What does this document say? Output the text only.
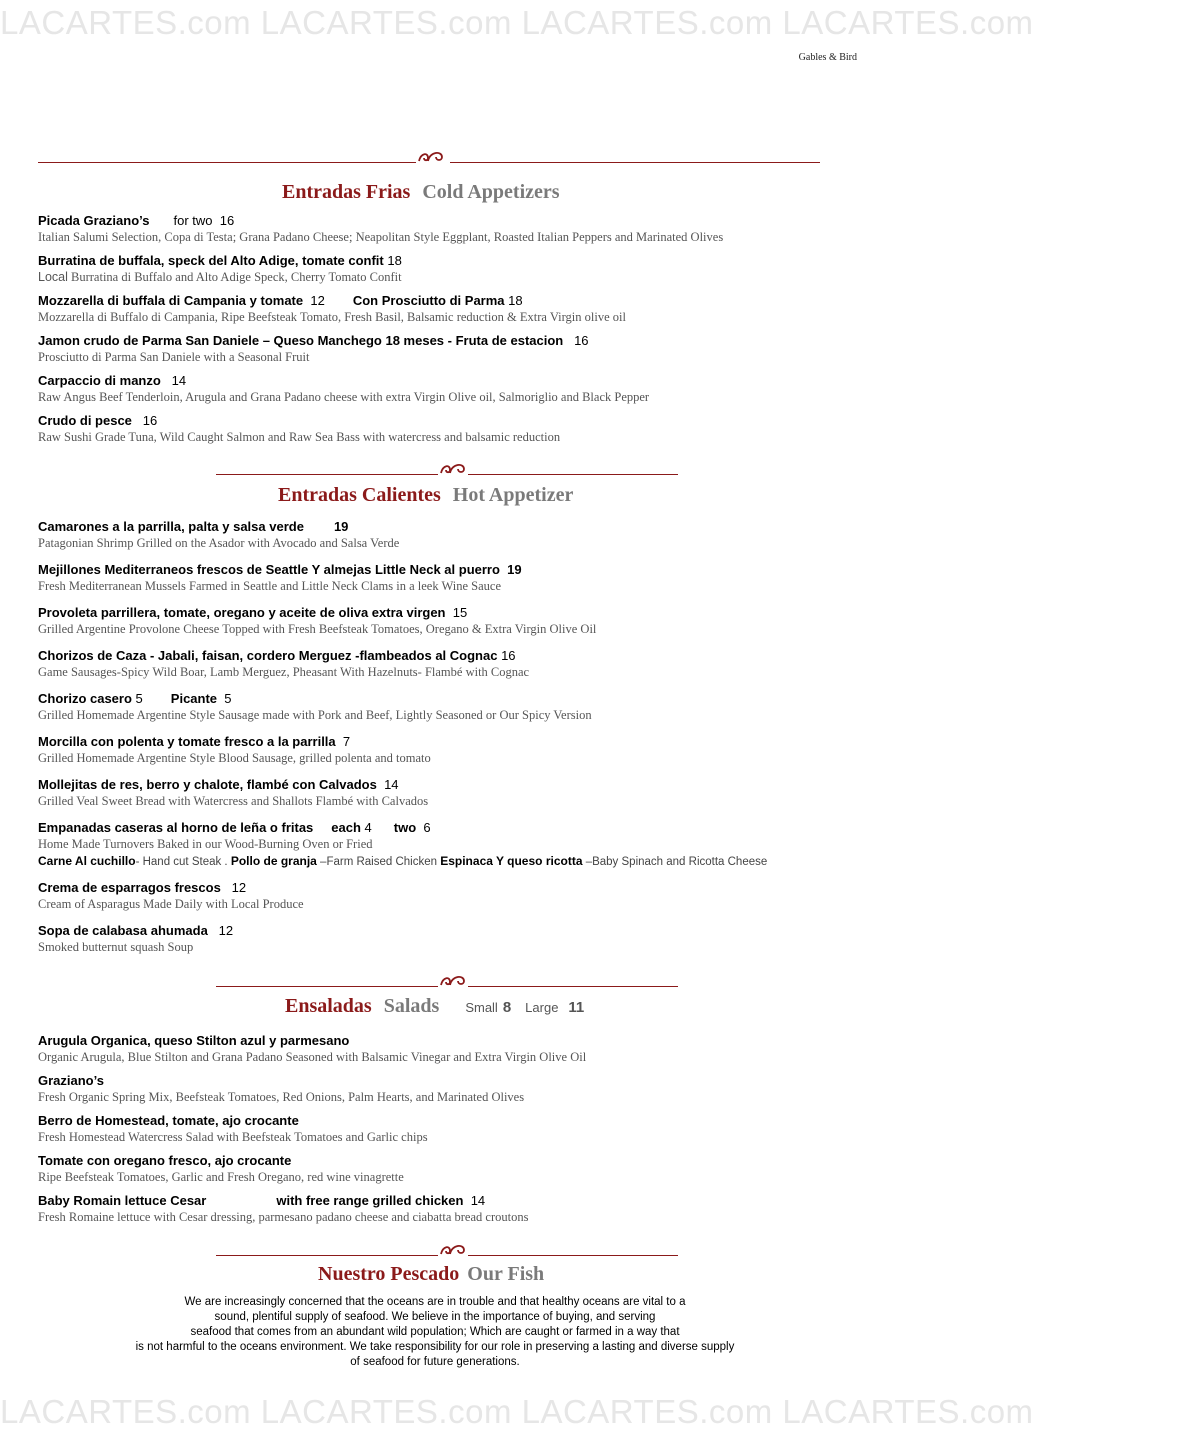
LACARTES.com LACARTES.com LACARTES.com LACARTES.com
LACARTES.com LACARTES.com LACARTES.com LACARTES.com
Gables & Bird
Entradas Frias Cold Appetizers
Picada Graziano’s for two 16
Italian Salumi Selection, Copa di Testa; Grana Padano Cheese; Neapolitan Style Eggplant, Roasted Italian Peppers and Marinated Olives
Burratina de buffala, speck del Alto Adige, tomate confit 18
Local Burratina di Buffalo and Alto Adige Speck, Cherry Tomato Confit
Mozzarella di buffala di Campania y tomate 12 Con Prosciutto di Parma 18
Mozzarella di Buffalo di Campania, Ripe Beefsteak Tomato, Fresh Basil, Balsamic reduction & Extra Virgin olive oil
Jamon crudo de Parma San Daniele – Queso Manchego 18 meses - Fruta de estacion 16
Prosciutto di Parma San Daniele with a Seasonal Fruit
Carpaccio di manzo 14
Raw Angus Beef Tenderloin, Arugula and Grana Padano cheese with extra Virgin Olive oil, Salmoriglio and Black Pepper
Crudo di pesce 16
Raw Sushi Grade Tuna, Wild Caught Salmon and Raw Sea Bass with watercress and balsamic reduction
Entradas Calientes Hot Appetizer
Camarones a la parrilla, palta y salsa verde 19
Patagonian Shrimp Grilled on the Asador with Avocado and Salsa Verde
Mejillones Mediterraneos frescos de Seattle Y almejas Little Neck al puerro 19
Fresh Mediterranean Mussels Farmed in Seattle and Little Neck Clams in a leek Wine Sauce
Provoleta parrillera, tomate, oregano y aceite de oliva extra virgen 15
Grilled Argentine Provolone Cheese Topped with Fresh Beefsteak Tomatoes, Oregano & Extra Virgin Olive Oil
Chorizos de Caza - Jabali, faisan, cordero Merguez -flambeados al Cognac 16
Game Sausages-Spicy Wild Boar, Lamb Merguez, Pheasant With Hazelnuts- Flambé with Cognac
Chorizo casero 5 Picante 5
Grilled Homemade Argentine Style Sausage made with Pork and Beef, Lightly Seasoned or Our Spicy Version
Morcilla con polenta y tomate fresco a la parrilla 7
Grilled Homemade Argentine Style Blood Sausage, grilled polenta and tomato
Mollejitas de res, berro y chalote, flambé con Calvados 14
Grilled Veal Sweet Bread with Watercress and Shallots Flambé with Calvados
Empanadas caseras al horno de leña o fritas each 4 two 6
Home Made Turnovers Baked in our Wood-Burning Oven or Fried
Carne Al cuchillo- Hand cut Steak . Pollo de granja –Farm Raised Chicken Espinaca Y queso ricotta –Baby Spinach and Ricotta Cheese
Crema de esparragos frescos 12
Cream of Asparagus Made Daily with Local Produce
Sopa de calabasa ahumada 12
Smoked butternut squash Soup
Ensaladas Salads Small 8 Large 11
Arugula Organica, queso Stilton azul y parmesano
Organic Arugula, Blue Stilton and Grana Padano Seasoned with Balsamic Vinegar and Extra Virgin Olive Oil
Graziano’s
Fresh Organic Spring Mix, Beefsteak Tomatoes, Red Onions, Palm Hearts, and Marinated Olives
Berro de Homestead, tomate, ajo crocante
Fresh Homestead Watercress Salad with Beefsteak Tomatoes and Garlic chips
Tomate con oregano fresco, ajo crocante
Ripe Beefsteak Tomatoes, Garlic and Fresh Oregano, red wine vinagrette
Baby Romain lettuce Cesar	with free range grilled chicken 14
Fresh Romaine lettuce with Cesar dressing, parmesano padano cheese and ciabatta bread croutons
Nuestro Pescado Our Fish
We are increasingly concerned that the oceans are in trouble and that healthy oceans are vital to a
sound, plentiful supply of seafood. We believe in the importance of buying, and serving
seafood that comes from an abundant wild population; Which are caught or farmed in a way that
is not harmful to the oceans environment. We take responsibility for our role in preserving a lasting and diverse supply
of seafood for future generations.
